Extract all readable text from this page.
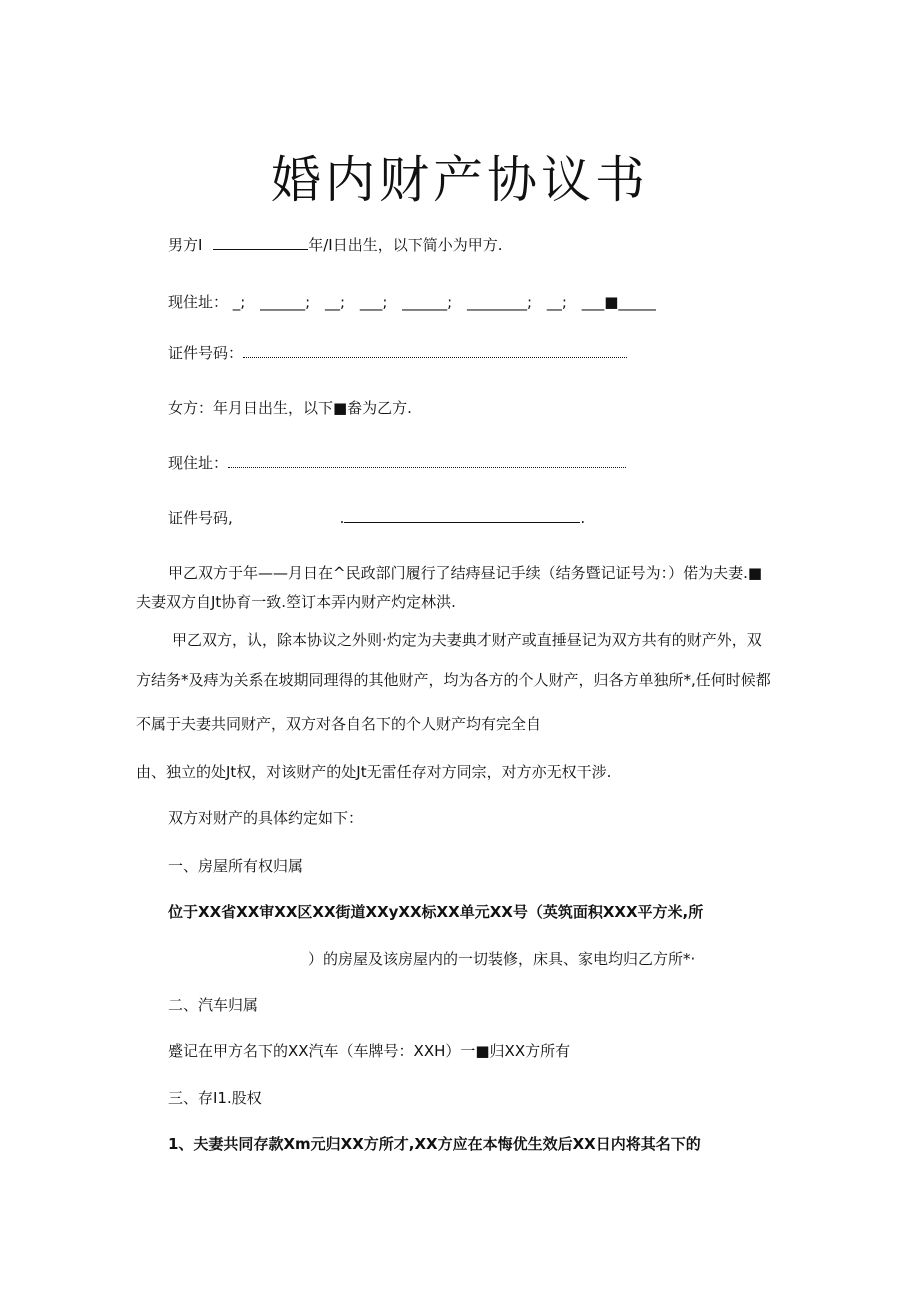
婚内财产协议书
男方I	年/I日出生，以下简小为甲方.
现住址： _; ______; __; ___; ______; ________; __; ___■_____
证件号码：
女方：年月日出生，以下■畚为乙方.
现住址：
证件号码,	.	.
甲乙双方于年——月日在^民政部门履行了结痔昼记手续（结务暨记证号为：）偌为夫妻.■
夫妻双方自Jt协育一致.箜订本弄内财产灼定林洪.
甲乙双方，认，除本协议之外则·灼定为夫妻典才财产或直捶昼记为双方共有的财产外，双
方结务*及痔为关系在坡期同理得的其他财产，均为各方的个人财产，归各方单独所*,任何时候都
不属于夫妻共同财产，双方对各自名下的个人财产均有完全自
由、独立的处Jt权，对该财产的处Jt无雷任存对方同宗，对方亦无权干涉.
双方对财产的具体约定如下：
一、房屋所有权归属
位于XX省XX审XX区XX街道XXyXX标XX单元XX号（英筑面积XXX平方米,所
）的房屋及该房屋内的一切装修，床具、家电均归乙方所*·
二、汽车归属
蹙记在甲方名下的XX汽车（车牌号：XXH）一■归XX方所有
三、存I1.股权
1、夫妻共同存款Xm元归XX方所才,XX方应在本悔优生效后XX日内将其名下的
